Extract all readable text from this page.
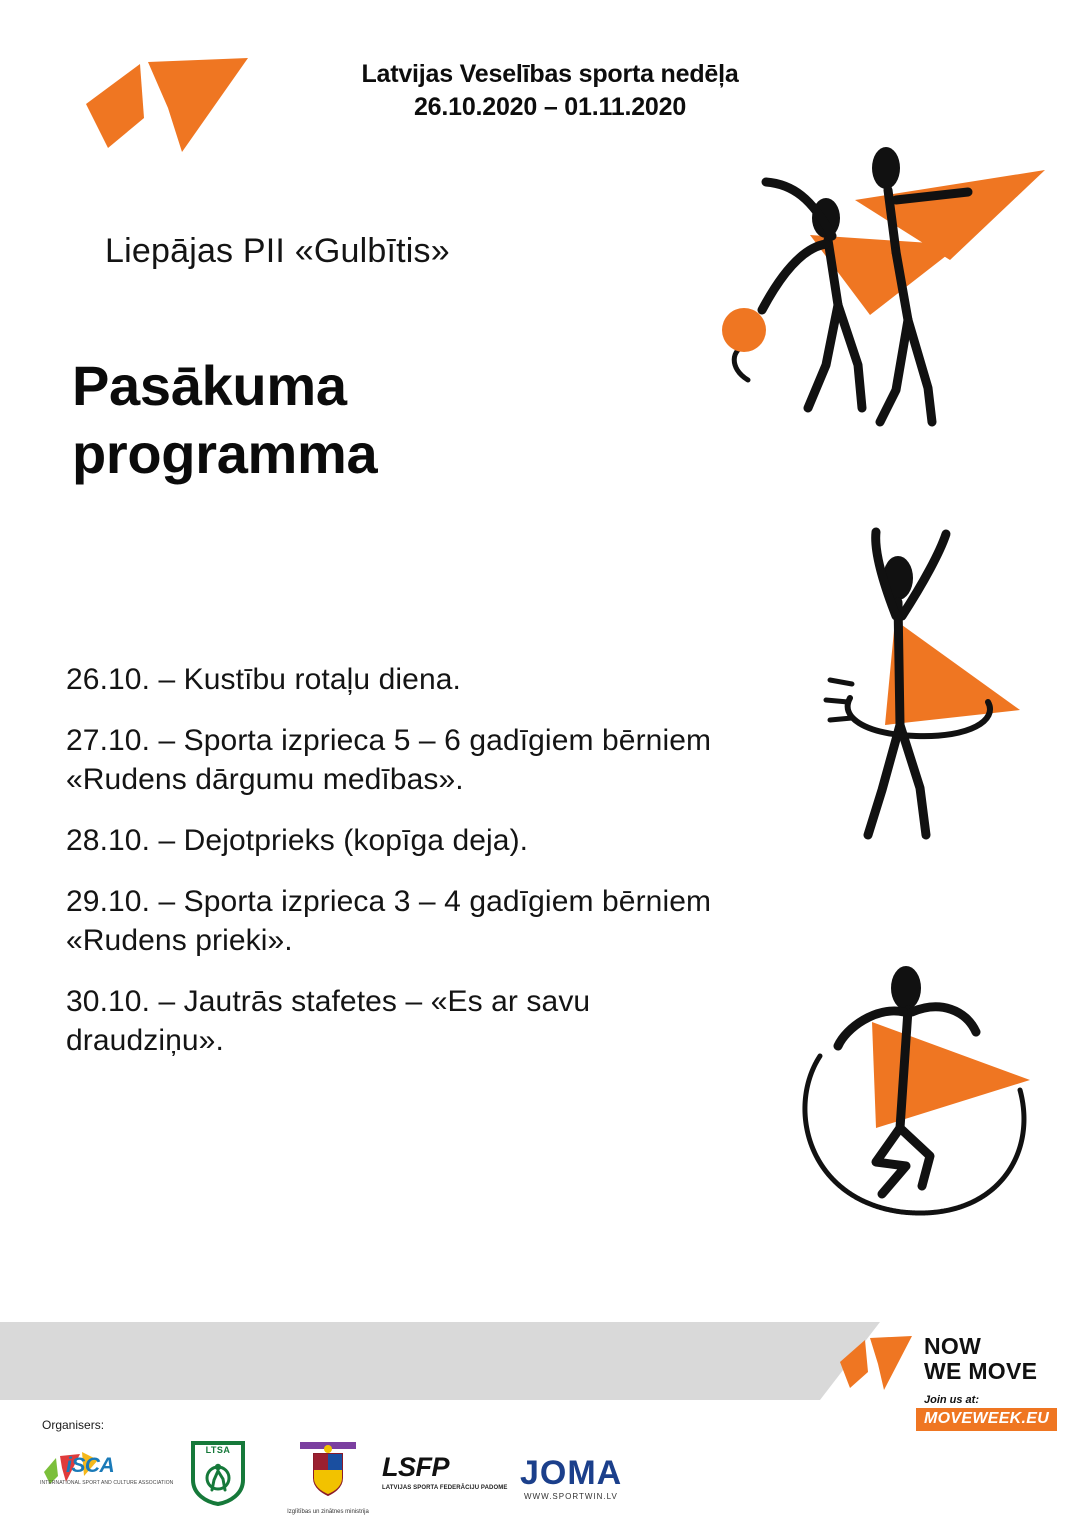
Latvijas Veselības sporta nedēļa
26.10.2020 – 01.11.2020
Liepājas PII «Gulbītis»
Pasākuma
programma
26.10. – Kustību rotaļu diena.
27.10. – Sporta izprieca 5 – 6 gadīgiem bērniem «Rudens dārgumu medības».
28.10. – Dejotprieks (kopīga deja).
29.10. – Sporta izprieca 3 – 4 gadīgiem bērniem «Rudens prieki».
30.10. – Jautrās stafetes – «Es ar savu draudziņu».
NOW
WE MOVE
Join us at:
MOVEWEEK.EU
Organisers:
iSCA
INTERNATIONAL SPORT AND CULTURE ASSOCIATION
LTSA
Izglītības un zinātnes ministrija
LSFP
LATVIJAS SPORTA FEDERĀCIJU PADOME JOMA
WWW.SPORTWIN.LV
